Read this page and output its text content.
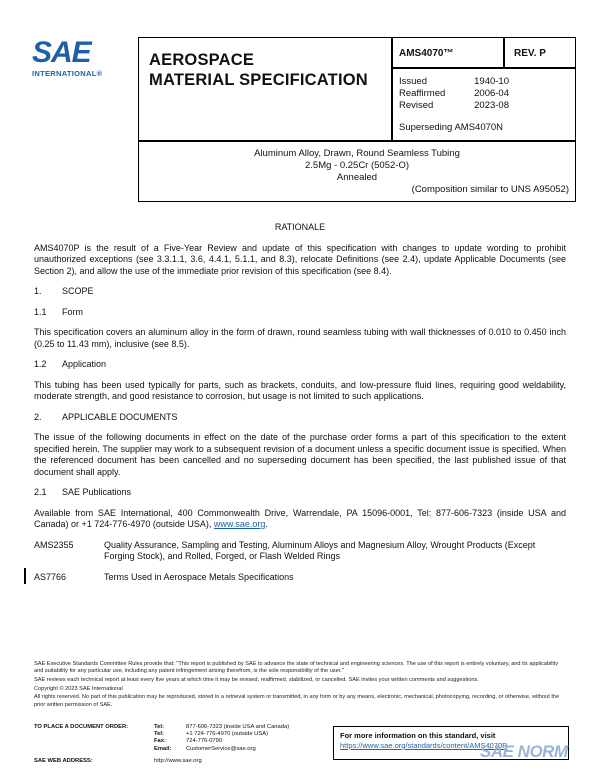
SAE
INTERNATIONAL®
AEROSPACE
MATERIAL SPECIFICATION
AMS4070™	REV. P
Issued	1940-10
Reaffirmed	2006-04
Revised	2023-08
Superseding AMS4070N
Aluminum Alloy, Drawn, Round Seamless Tubing
2.5Mg - 0.25Cr (5052-O)
Annealed
(Composition similar to UNS A95052)
RATIONALE

AMS4070P is the result of a Five-Year Review and update of this specification with changes to update wording to prohibit unauthorized exceptions (see 3.3.1.1, 3.6, 4.4.1, 5.1.1, and 8.3), relocate Definitions (see 2.4), update Applicable Documents (see Section 2), and allow the use of the immediate prior revision of this specification (see 8.4).

1. SCOPE
1.1 Form

This specification covers an aluminum alloy in the form of drawn, round seamless tubing with wall thicknesses of 0.010 to 0.450 inch (0.25 to 11.43 mm), inclusive (see 8.5).

1.2 Application

This tubing has been used typically for parts, such as brackets, conduits, and low-pressure fluid lines, requiring good weldability, moderate strength, and good resistance to corrosion, but usage is not limited to such applications.

2. APPLICABLE DOCUMENTS

The issue of the following documents in effect on the date of the purchase order forms a part of this specification to the extent specified herein. The supplier may work to a subsequent revision of a document unless a specific document issue is specified. When the referenced document has been cancelled and no superseding document has been specified, the last published issue of that document shall apply.

2.1 SAE Publications

Available from SAE International, 400 Commonwealth Drive, Warrendale, PA 15096-0001, Tel: 877-606-7323 (inside USA and Canada) or +1 724-776-4970 (outside USA), www.sae.org.

AMS2355	Quality Assurance, Sampling and Testing, Aluminum Alloys and Magnesium Alloy, Wrought Products (Except Forging Stock), and Rolled, Forged, or Flash Welded Rings
AS7766	Terms Used in Aerospace Metals Specifications

SAE Executive Standards Committee Rules provide that: "This report is published by SAE to advance the state of technical and engineering sciences. The use of this report is entirely voluntary, and its applicability and suitability for any particular use, including any patent infringement arising therefrom, is the sole responsibility of the user."

SAE reviews each technical report at least every five years at which time it may be revised, reaffirmed, stabilized, or cancelled. SAE invites your written comments and suggestions.

Copyright © 2023 SAE International

All rights reserved. No part of this publication may be reproduced, stored in a retrieval system or transmitted, in any form or by any means, electronic, mechanical, photocopying, recording, or otherwise, without the prior written permission of SAE.

TO PLACE A DOCUMENT ORDER:	Tel:	877-606-7323 (inside USA and Canada)
Tel:	+1 724-776-4970 (outside USA)
Fax:	724-776-0790
Email:	CustomerService@sae.org
SAE WEB ADDRESS:	http://www.sae.org
For more information on this standard, visit
https://www.sae.org/standards/content/AMS4070P
SAE NORM
